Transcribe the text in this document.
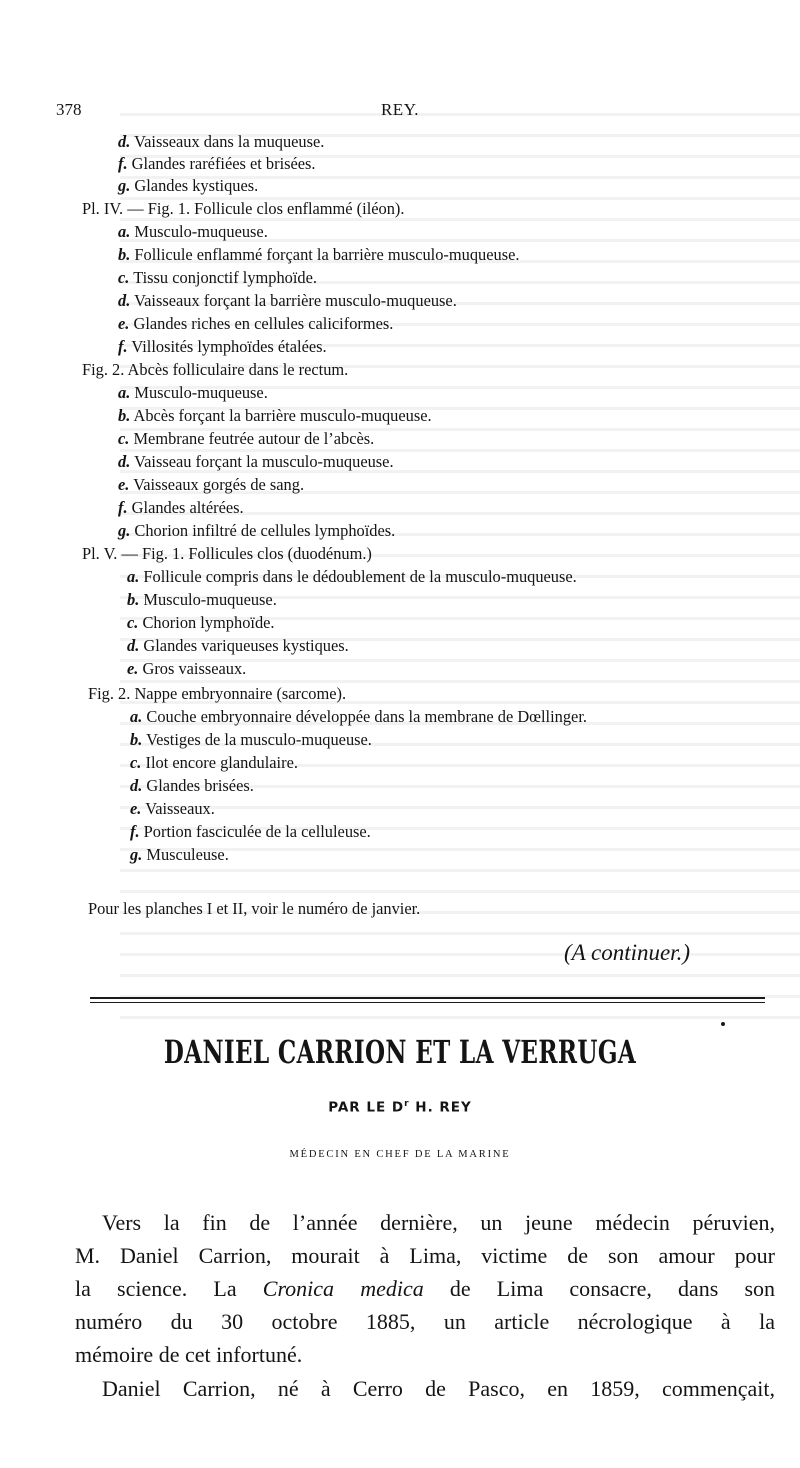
378	REY.
d. Vaisseaux dans la muqueuse.
f. Glandes raréfiées et brisées.
g. Glandes kystiques.
Pl. IV. — Fig. 1. Follicule clos enflammé (iléon).
a. Musculo-muqueuse.
b. Follicule enflammé forçant la barrière musculo-muqueuse.
c. Tissu conjonctif lymphoïde.
d. Vaisseaux forçant la barrière musculo-muqueuse.
e. Glandes riches en cellules caliciformes.
f. Villosités lymphoïdes étalées.
Fig. 2. Abcès folliculaire dans le rectum.
a. Musculo-muqueuse.
b. Abcès forçant la barrière musculo-muqueuse.
c. Membrane feutrée autour de l’abcès.
d. Vaisseau forçant la musculo-muqueuse.
e. Vaisseaux gorgés de sang.
f. Glandes altérées.
g. Chorion infiltré de cellules lymphoïdes.
Pl. V. — Fig. 1. Follicules clos (duodénum.)
a. Follicule compris dans le dédoublement de la musculo-muqueuse.
b. Musculo-muqueuse.
c. Chorion lymphoïde.
d. Glandes variqueuses kystiques.
e. Gros vaisseaux.
Fig. 2. Nappe embryonnaire (sarcome).
a. Couche embryonnaire développée dans la membrane de Dœllinger.
b. Vestiges de la musculo-muqueuse.
c. Ilot encore glandulaire.
d. Glandes brisées.
e. Vaisseaux.
f. Portion fasciculée de la celluleuse.
g. Musculeuse.
Pour les planches I et II, voir le numéro de janvier.
(A continuer.)
DANIEL CARRION ET LA VERRUGA
PAR LE $D^r$ H. REY
MÉDECIN EN CHEF DE LA MARINE
Vers la fin de l’année dernière, un jeune médecin péruvien,
M. Daniel Carrion, mourait à Lima, victime de son amour pour
la science. La Cronica medica de Lima consacre, dans son
numéro du 30 octobre 1885, un article nécrologique à la
mémoire de cet infortuné.
Daniel Carrion, né à Cerro de Pasco, en 1859, commençait,
